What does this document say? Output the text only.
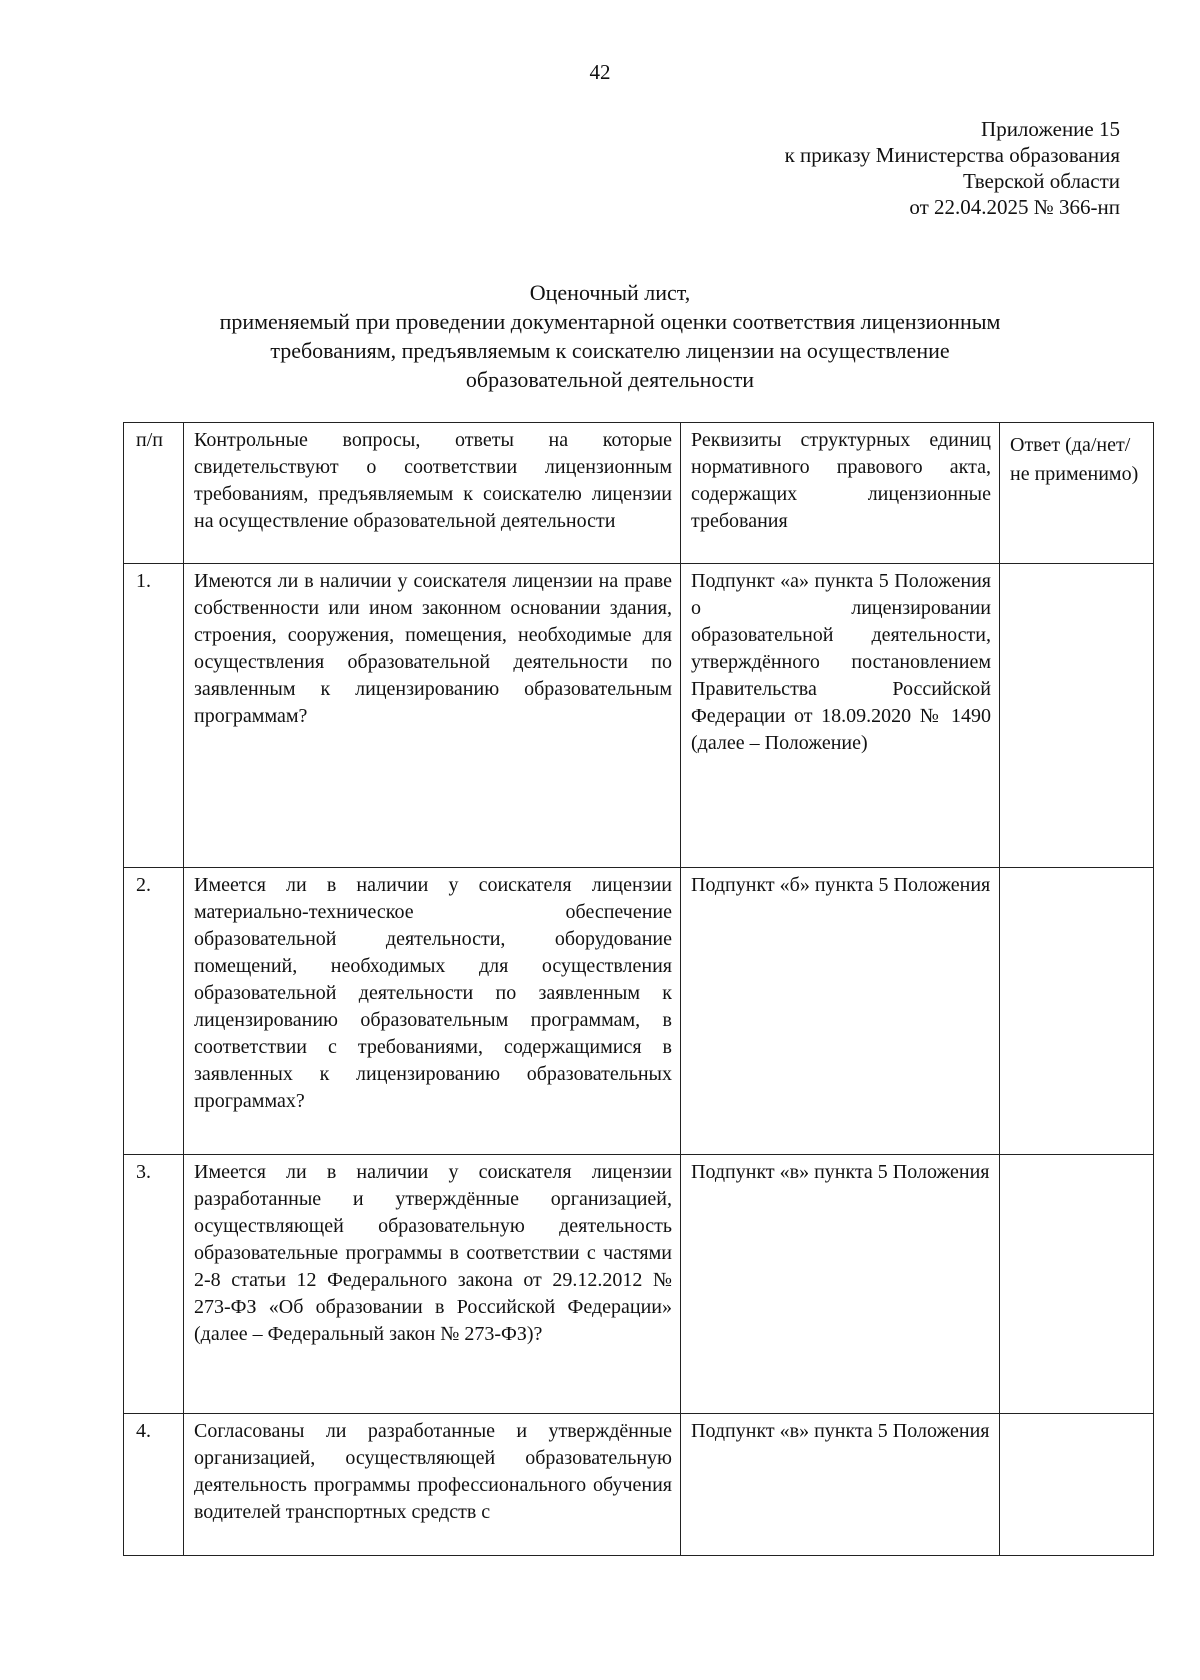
42
Приложение 15
к приказу Министерства образования
Тверской области
от 22.04.2025 № 366-нп
Оценочный лист,
применяемый при проведении документарной оценки соответствия лицензионным
требованиям, предъявляемым к соискателю лицензии на осуществление
образовательной деятельности
п/п	Контрольные вопросы, ответы на которые свидетельствуют о соответствии лицензионным требованиям, предъявляемым к соискателю лицензии на осуществление образовательной деятельности	Реквизиты структурных единиц нормативного правового акта, содержащих лицензионные требования	Ответ (да/нет/не применимо)
1.	Имеются ли в наличии у соискателя лицензии на праве собственности или ином законном основании здания, строения, сооружения, помещения, необходимые для осуществления образовательной деятельности по заявленным к лицензированию образовательным программам?	Подпункт «а» пункта 5 Положения о лицензировании образовательной деятельности, утверждённого постановлением Правительства Российской Федерации от 18.09.2020 № 1490 (далее – Положение)	
2.	Имеется ли в наличии у соискателя лицензии материально-техническое обеспечение образовательной деятельности, оборудование помещений, необходимых для осуществления образовательной деятельности по заявленным к лицензированию образовательным программам, в соответствии с требованиями, содержащимися в заявленных к лицензированию образовательных программах?	Подпункт «б» пункта 5 Положения	
3.	Имеется ли в наличии у соискателя лицензии разработанные и утверждённые организацией, осуществляющей образовательную деятельность образовательные программы в соответствии с частями 2-8 статьи 12 Федерального закона от 29.12.2012 № 273-ФЗ «Об образовании в Российской Федерации» (далее – Федеральный закон № 273-ФЗ)?	Подпункт «в» пункта 5 Положения	
4.	Согласованы ли разработанные и утверждённые организацией, осуществляющей образовательную деятельность программы профессионального обучения водителей транспортных средств с	Подпункт «в» пункта 5 Положения	
